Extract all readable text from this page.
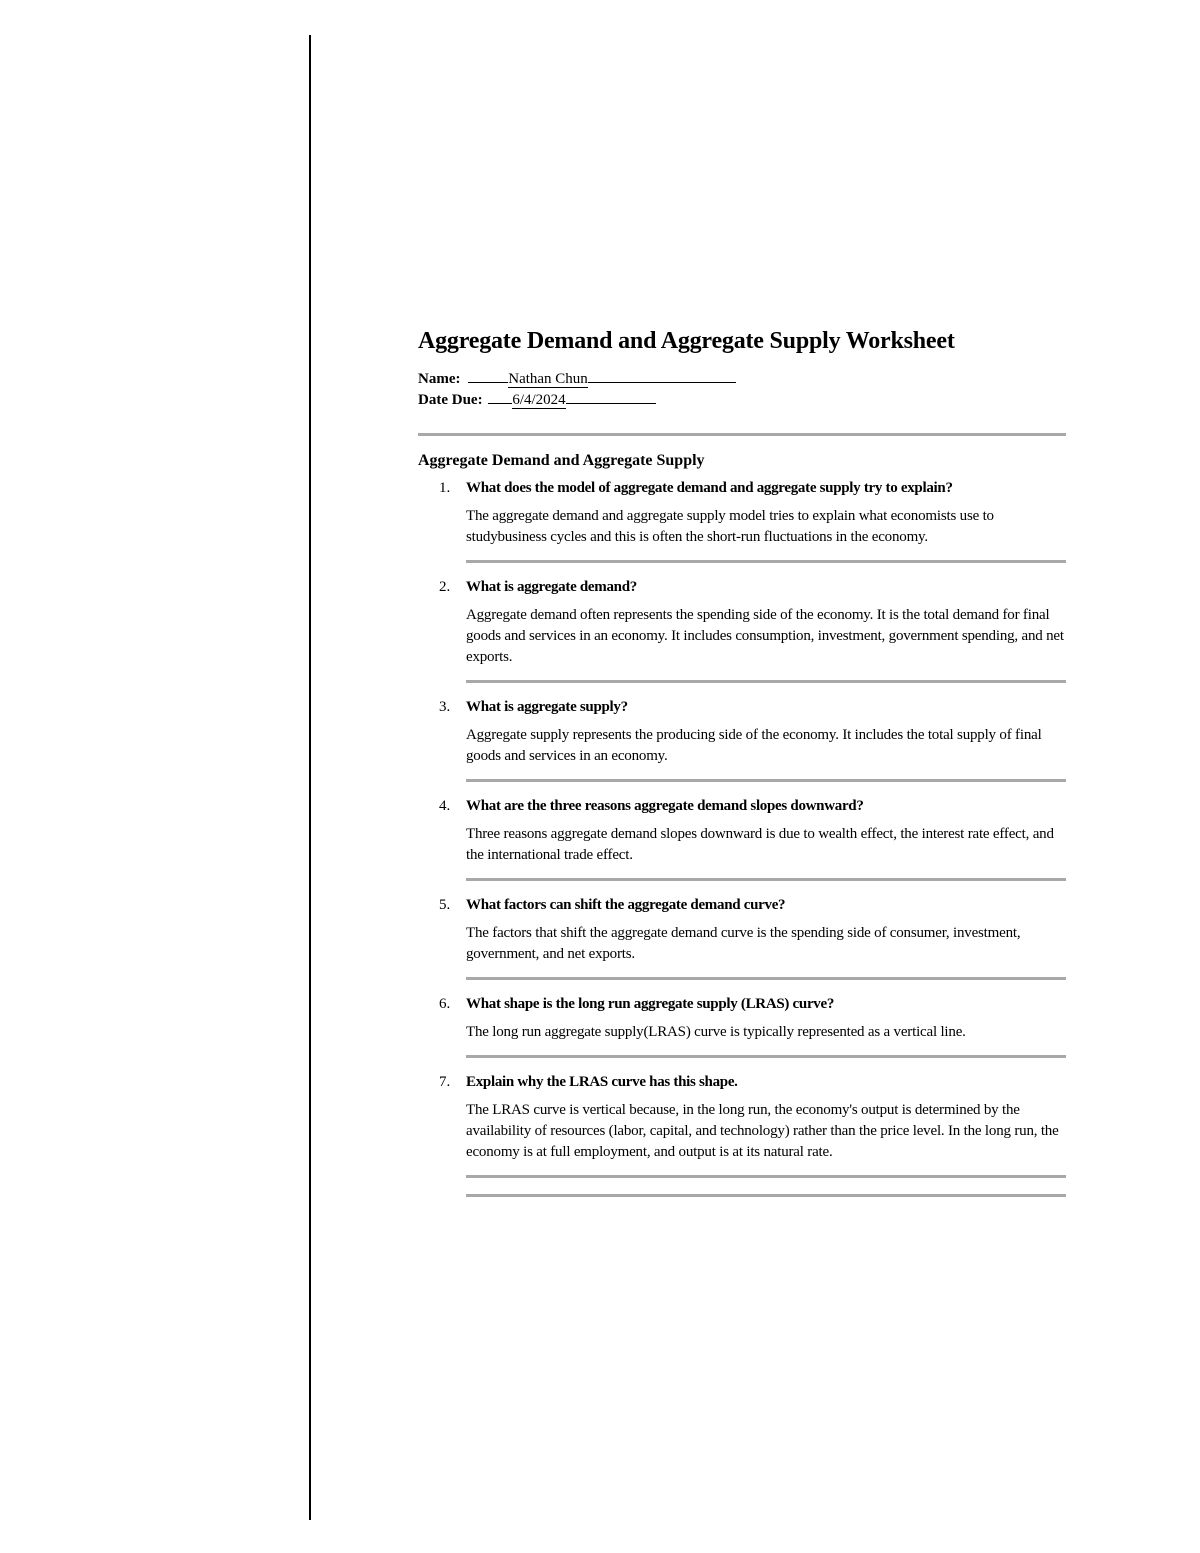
Aggregate Demand and Aggregate Supply Worksheet
Name:	Nathan Chun
Date Due: 6/4/2024
Aggregate Demand and Aggregate Supply
1. What does the model of aggregate demand and aggregate supply try to explain?

The aggregate demand and aggregate supply model tries to explain what economists use to studybusiness cycles and this is often the short-run fluctuations in the economy.

2. What is aggregate demand?

Aggregate demand often represents the spending side of the economy. It is the total demand for final goods and services in an economy. It includes consumption, investment, government spending, and net exports.

3. What is aggregate supply?

Aggregate supply represents the producing side of the economy. It includes the total supply of final goods and services in an economy.

4. What are the three reasons aggregate demand slopes downward?

Three reasons aggregate demand slopes downward is due to wealth effect, the interest rate effect, and the international trade effect.

5. What factors can shift the aggregate demand curve?

The factors that shift the aggregate demand curve is the spending side of consumer, investment, government, and net exports.

6. What shape is the long run aggregate supply (LRAS) curve?

The long run aggregate supply(LRAS) curve is typically represented as a vertical line.

7. Explain why the LRAS curve has this shape.

The LRAS curve is vertical because, in the long run, the economy's output is determined by the availability of resources (labor, capital, and technology) rather than the price level. In the long run, the economy is at full employment, and output is at its natural rate.
